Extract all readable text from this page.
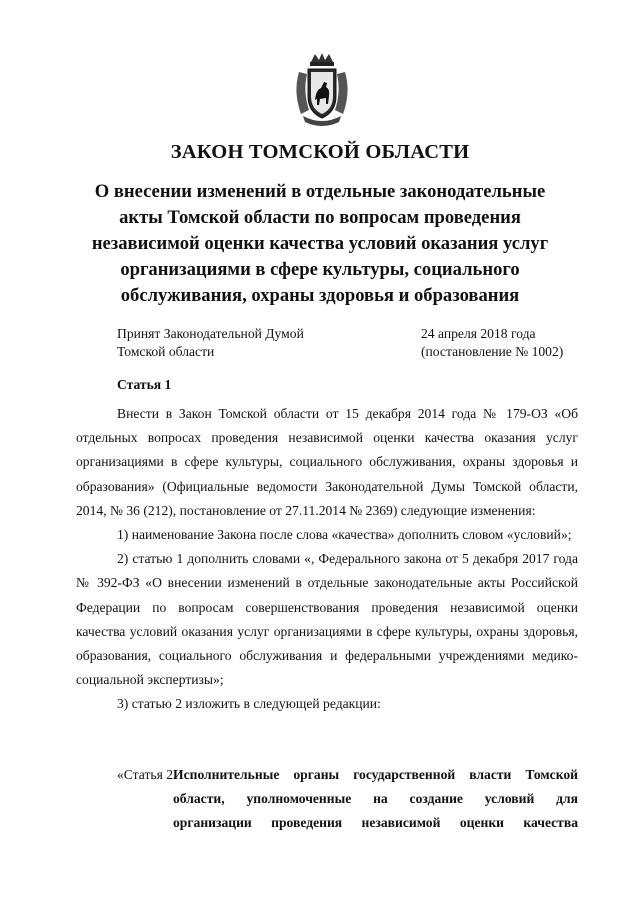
ЗАКОН ТОМСКОЙ ОБЛАСТИ
О внесении изменений в отдельные законодательные акты Томской области по вопросам проведения независимой оценки качества условий оказания услуг организациями в сфере культуры, социального обслуживания, охраны здоровья и образования
Принят Законодательной Думой
Томской области
24 апреля 2018 года
(постановление № 1002)
Статья 1

Внести в Закон Томской области от 15 декабря 2014 года № 179-ОЗ «Об отдельных вопросах проведения независимой оценки качества оказания услуг организациями в сфере культуры, социального обслуживания, охраны здоровья и образования» (Официальные ведомости Законодательной Думы Томской области, 2014, № 36 (212), постановление от 27.11.2014 № 2369) следующие изменения:

1) наименование Закона после слова «качества» дополнить словом «условий»;

2) статью 1 дополнить словами «, Федерального закона от 5 декабря 2017 года № 392-ФЗ «О внесении изменений в отдельные законодательные акты Российской Федерации по вопросам совершенствования проведения независимой оценки качества условий оказания услуг организациями в сфере культуры, охраны здоровья, образования, социального обслуживания и федеральными учреждениями медико-социальной экспертизы»;

3) статью 2 изложить в следующей редакции:

«Статья 2.
Исполнительные органы государственной власти Томской
области, уполномоченные на создание условий для
организации проведения независимой оценки качества
